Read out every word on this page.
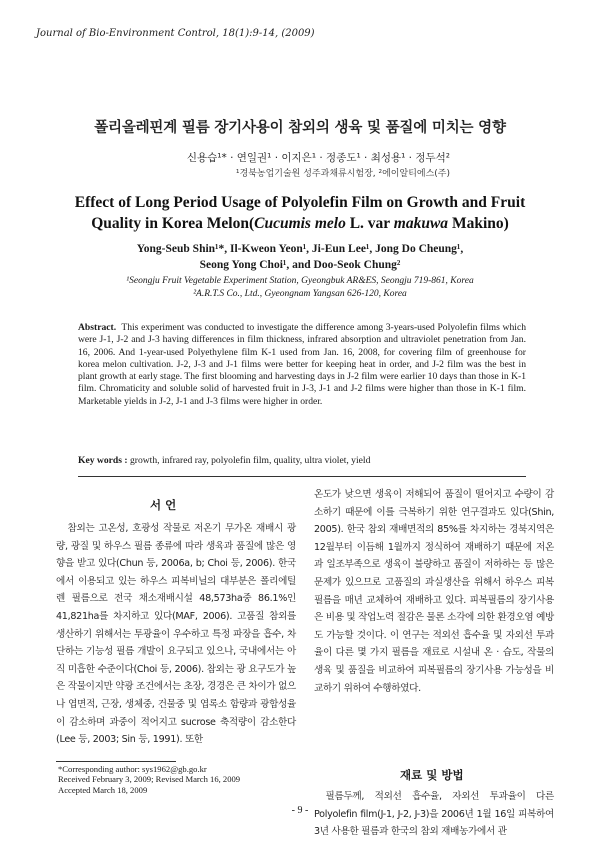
Journal of Bio-Environment Control, 18(1):9-14, (2009)
폴리올레핀계 필름 장기사용이 참외의 생육 및 품질에 미치는 영향
신용습¹* · 연일권¹ · 이지은¹ · 정종도¹ · 최성용¹ · 정두석²
¹경북농업기술원 성주과채류시험장, ²에이알티에스(주)
Effect of Long Period Usage of Polyolefin Film on Growth and Fruit
Quality in Korea Melon(Cucumis melo L. var makuwa Makino)
Yong-Seub Shin¹*, Il-Kweon Yeon¹, Ji-Eun Lee¹, Jong Do Cheung¹,
Seong Yong Choi¹, and Doo-Seok Chung²
¹Seongju Fruit Vegetable Experiment Station, Gyeongbuk AR&ES, Seongju 719-861, Korea
²A.R.T.S Co., Ltd., Gyeongnam Yangsan 626-120, Korea
Abstract. This experiment was conducted to investigate the difference among 3-years-used Polyolefin films which were J-1, J-2 and J-3 having differences in film thickness, infrared absorption and ultraviolet penetration from Jan. 16, 2006. And 1-year-used Polyethylene film K-1 used from Jan. 16, 2008, for covering film of greenhouse for korea melon cultivation. J-2, J-3 and J-1 films were better for keeping heat in order, and J-2 film was the best in plant growth at early stage. The first blooming and harvesting days in J-2 film were earlier 10 days than those in K-1 film. Chromaticity and soluble solid of harvested fruit in J-3, J-1 and J-2 films were higher than those in K-1 film. Marketable yields in J-2, J-1 and J-3 films were higher in order.
Key words : growth, infrared ray, polyolefin film, quality, ultra violet, yield
서 언

참외는 고온성, 호광성 작물로 저온기 무가온 재배시 광량, 광질 및 하우스 필름 종류에 따라 생육과 품질에 많은 영향을 받고 있다(Chun 등, 2006a, b; Choi 등, 2006). 한국에서 이용되고 있는 하우스 피복비닐의 대부분은 폴리에틸렌 필름으로 전국 채소재배시설 48,573ha중 86.1%인 41,821ha를 차지하고 있다(MAF, 2006). 고품질 참외를 생산하기 위해서는 투광율이 우수하고 특정 파장을 흡수, 차단하는 기능성 필름 개발이 요구되고 있으나, 국내에서는 아직 미흡한 수준이다(Choi 등, 2006). 참외는 광 요구도가 높은 작물이지만 약광 조건에서는 초장, 경경은 큰 차이가 없으나 엽면적, 근장, 생체중, 건물중 및 엽록소 함량과 광합성율이 감소하며 과중이 적어지고 sucrose 축적량이 감소한다(Lee 등, 2003; Sin 등, 1991). 또한

온도가 낮으면 생육이 저해되어 품질이 떨어지고 수량이 감소하기 때문에 이를 극복하기 위한 연구결과도 있다(Shin, 2005). 한국 참외 재배면적의 85%를 차지하는 경북지역은 12월부터 이듬해 1월까지 정식하여 재배하기 때문에 저온과 일조부족으로 생육이 불량하고 품질이 저하하는 등 많은 문제가 있으므로 고품질의 과실생산을 위해서 하우스 피복필름을 매년 교체하여 재배하고 있다. 피복필름의 장기사용은 비용 및 작업노력 절감은 물론 소각에 의한 환경오염 예방도 가능할 것이다. 이 연구는 적외선 흡수율 및 자외선 투과율이 다른 몇 가지 필름을 재료로 시설내 온 · 습도, 작물의 생육 및 품질을 비교하여 피복필름의 장기사용 가능성을 비교하기 위하여 수행하였다.

재료 및 방법

필름두께, 적외선 흡수율, 자외선 투과율이 다른 Polyolefin film(J-1, J-2, J-3)을 2006년 1월 16일 피복하여 3년 사용한 필름과 한국의 참외 재배농가에서 관

*Corresponding author: sys1962@gb.go.kr
Received February 3, 2009; Revised March 16, 2009
Accepted March 18, 2009
- 9 -
